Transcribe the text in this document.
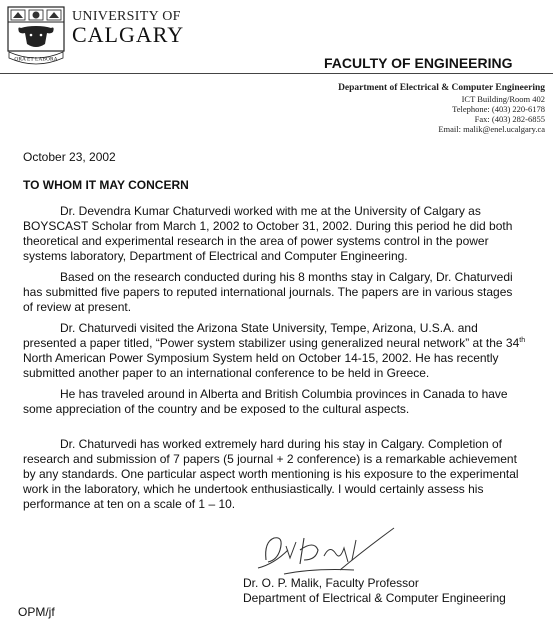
ORA ET LABORA
UNIVERSITY OF
CALGARY
FACULTY OF ENGINEERING
Department of Electrical & Computer Engineering
ICT Building/Room 402
Telephone: (403) 220-6178
Fax: (403) 282-6855
Email: malik@enel.ucalgary.ca
October 23, 2002
TO WHOM IT MAY CONCERN
Dr. Devendra Kumar Chaturvedi worked with me at the University of Calgary as
BOYSCAST Scholar from March 1, 2002 to October 31, 2002. During this period he did both
theoretical and experimental research in the area of power systems control in the power
systems laboratory, Department of Electrical and Computer Engineering.
Based on the research conducted during his 8 months stay in Calgary, Dr. Chaturvedi
has submitted five papers to reputed international journals. The papers are in various stages
of review at present.
Dr. Chaturvedi visited the Arizona State University, Tempe, Arizona, U.S.A. and
presented a paper titled, “Power system stabilizer using generalized neural network” at the 34th
North American Power Symposium System held on October 14-15, 2002. He has recently
submitted another paper to an international conference to be held in Greece.
He has traveled around in Alberta and British Columbia provinces in Canada to have
some appreciation of the country and be exposed to the cultural aspects.
Dr. Chaturvedi has worked extremely hard during his stay in Calgary. Completion of
research and submission of 7 papers (5 journal + 2 conference) is a remarkable achievement
by any standards. One particular aspect worth mentioning is his exposure to the experimental
work in the laboratory, which he undertook enthusiastically. I would certainly assess his
performance at ten on a scale of 1 – 10.
Dr. O. P. Malik, Faculty Professor
Department of Electrical & Computer Engineering
OPM/jf
